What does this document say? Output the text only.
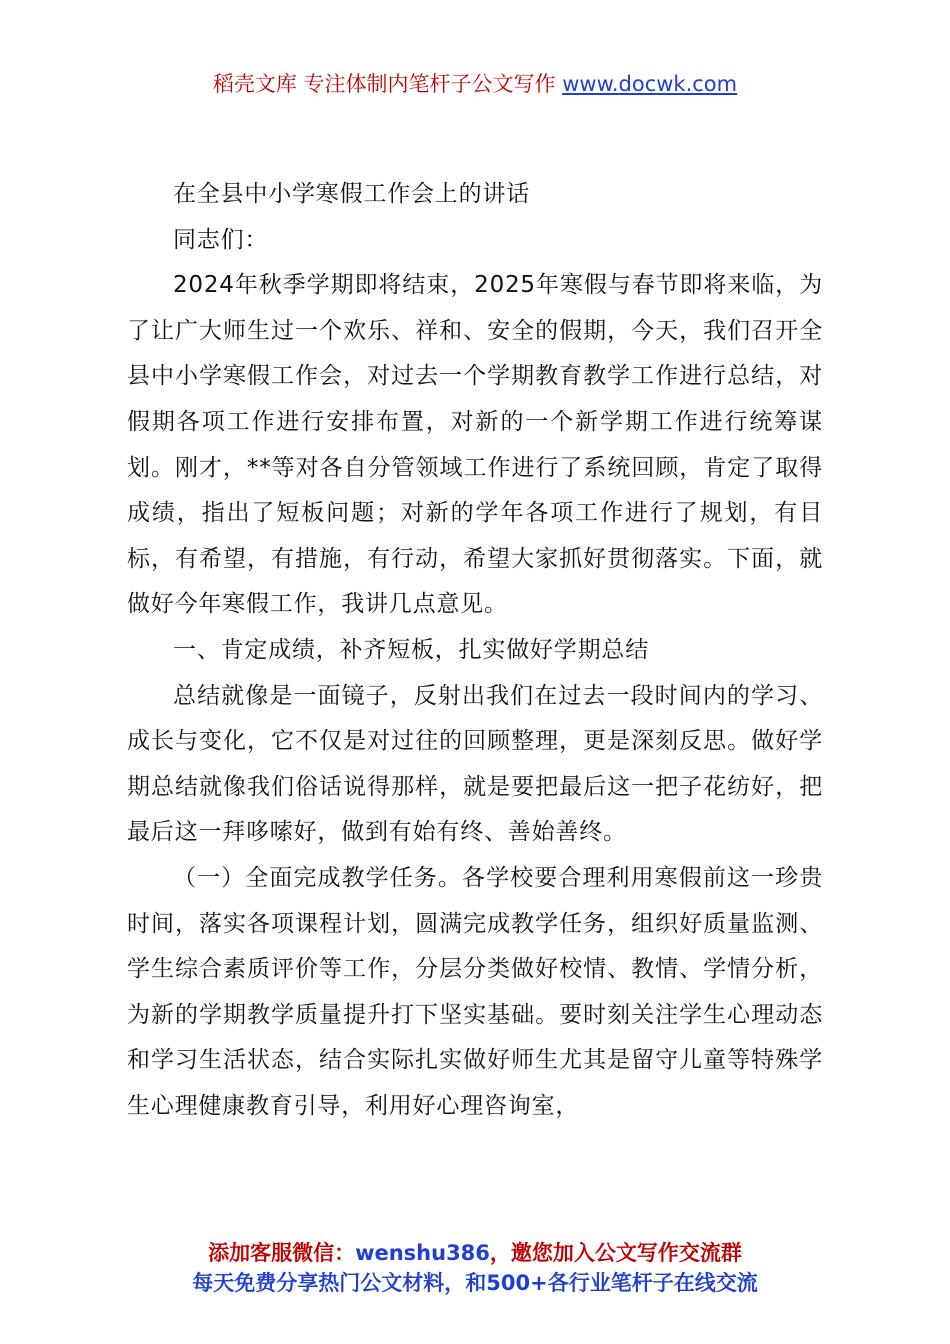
稻壳文库 专注体制内笔杆子公文写作 www.docwk.com

在全县中小学寒假工作会上的讲话

同志们：

2024年秋季学期即将结束，2025年寒假与春节即将来临，为了让广大师生过一个欢乐、祥和、安全的假期，今天，我们召开全县中小学寒假工作会，对过去一个学期教育教学工作进行总结，对假期各项工作进行安排布置，对新的一个新学期工作进行统筹谋划。刚才，**等对各自分管领域工作进行了系统回顾，肯定了取得成绩，指出了短板问题；对新的学年各项工作进行了规划，有目标，有希望，有措施，有行动，希望大家抓好贯彻落实。下面，就做好今年寒假工作，我讲几点意见。

一、肯定成绩，补齐短板，扎实做好学期总结

总结就像是一面镜子，反射出我们在过去一段时间内的学习、成长与变化，它不仅是对过往的回顾整理，更是深刻反思。做好学期总结就像我们俗话说得那样，就是要把最后这一把子花纺好，把最后这一拜哆嗦好，做到有始有终、善始善终。

（一）全面完成教学任务。各学校要合理利用寒假前这一珍贵时间，落实各项课程计划，圆满完成教学任务，组织好质量监测、学生综合素质评价等工作，分层分类做好校情、教情、学情分析，为新的学期教学质量提升打下坚实基础。要时刻关注学生心理动态和学习生活状态，结合实际扎实做好师生尤其是留守儿童等特殊学生心理健康教育引导，利用好心理咨询室，

添加客服微信：wenshu386，邀您加入公文写作交流群
每天免费分享热门公文材料，和500+各行业笔杆子在线交流
